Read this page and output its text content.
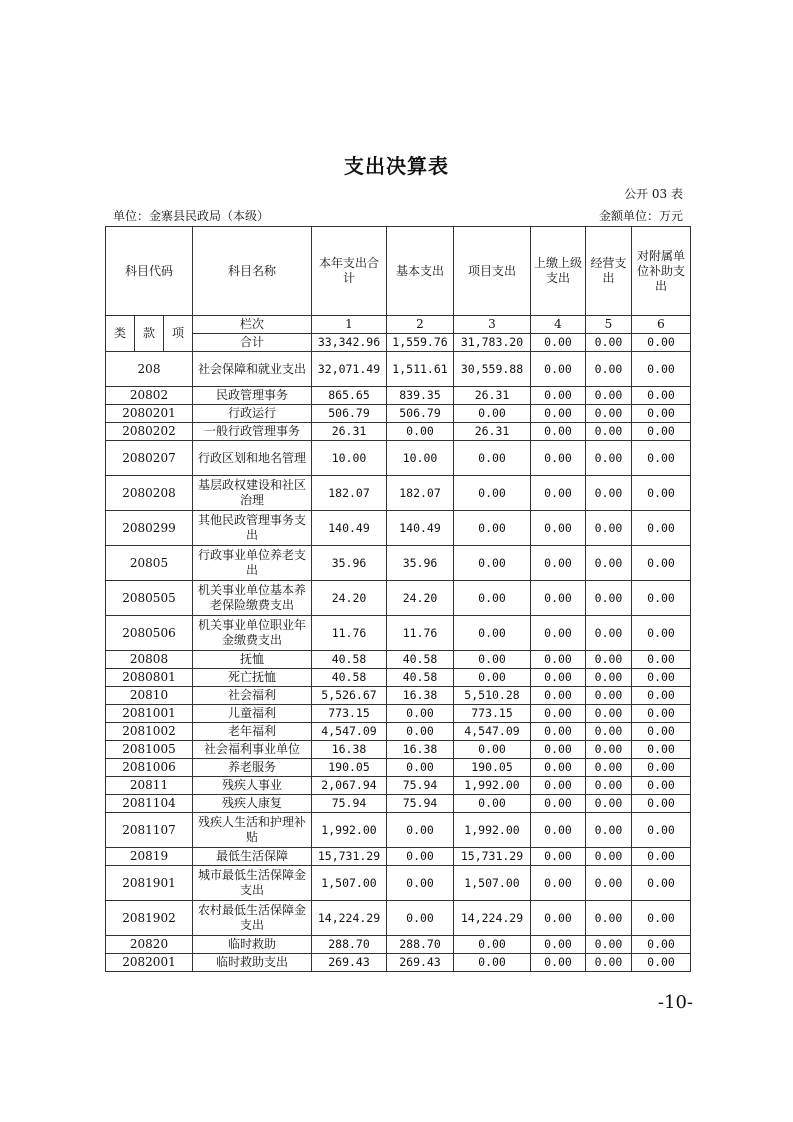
支出决算表
公开 03 表
单位：金寨县民政局（本级）	金额单位：万元
科目代码			科目名称	本年支出合计	基本支出	项目支出	上缴上级支出	经营支出	对附属单位补助支出
类	款	项	栏次	1	2	3	4	5	6
			合计	33,342.96	1,559.76	31,783.20	0.00	0.00	0.00
208			社会保障和就业支出	32,071.49	1,511.61	30,559.88	0.00	0.00	0.00
20802			民政管理事务	865.65	839.35	26.31	0.00	0.00	0.00
2080201			行政运行	506.79	506.79	0.00	0.00	0.00	0.00
2080202			一般行政管理事务	26.31	0.00	26.31	0.00	0.00	0.00
2080207			行政区划和地名管理	10.00	10.00	0.00	0.00	0.00	0.00
2080208			基层政权建设和社区治理	182.07	182.07	0.00	0.00	0.00	0.00
2080299			其他民政管理事务支出	140.49	140.49	0.00	0.00	0.00	0.00
20805			行政事业单位养老支出	35.96	35.96	0.00	0.00	0.00	0.00
2080505			机关事业单位基本养老保险缴费支出	24.20	24.20	0.00	0.00	0.00	0.00
2080506			机关事业单位职业年金缴费支出	11.76	11.76	0.00	0.00	0.00	0.00
20808			抚恤	40.58	40.58	0.00	0.00	0.00	0.00
2080801			死亡抚恤	40.58	40.58	0.00	0.00	0.00	0.00
20810			社会福利	5,526.67	16.38	5,510.28	0.00	0.00	0.00
2081001			儿童福利	773.15	0.00	773.15	0.00	0.00	0.00
2081002			老年福利	4,547.09	0.00	4,547.09	0.00	0.00	0.00
2081005			社会福利事业单位	16.38	16.38	0.00	0.00	0.00	0.00
2081006			养老服务	190.05	0.00	190.05	0.00	0.00	0.00
20811			残疾人事业	2,067.94	75.94	1,992.00	0.00	0.00	0.00
2081104			残疾人康复	75.94	75.94	0.00	0.00	0.00	0.00
2081107			残疾人生活和护理补贴	1,992.00	0.00	1,992.00	0.00	0.00	0.00
20819			最低生活保障	15,731.29	0.00	15,731.29	0.00	0.00	0.00
2081901			城市最低生活保障金支出	1,507.00	0.00	1,507.00	0.00	0.00	0.00
2081902			农村最低生活保障金支出	14,224.29	0.00	14,224.29	0.00	0.00	0.00
20820			临时救助	288.70	288.70	0.00	0.00	0.00	0.00
2082001			临时救助支出	269.43	269.43	0.00	0.00	0.00	0.00
-10-
